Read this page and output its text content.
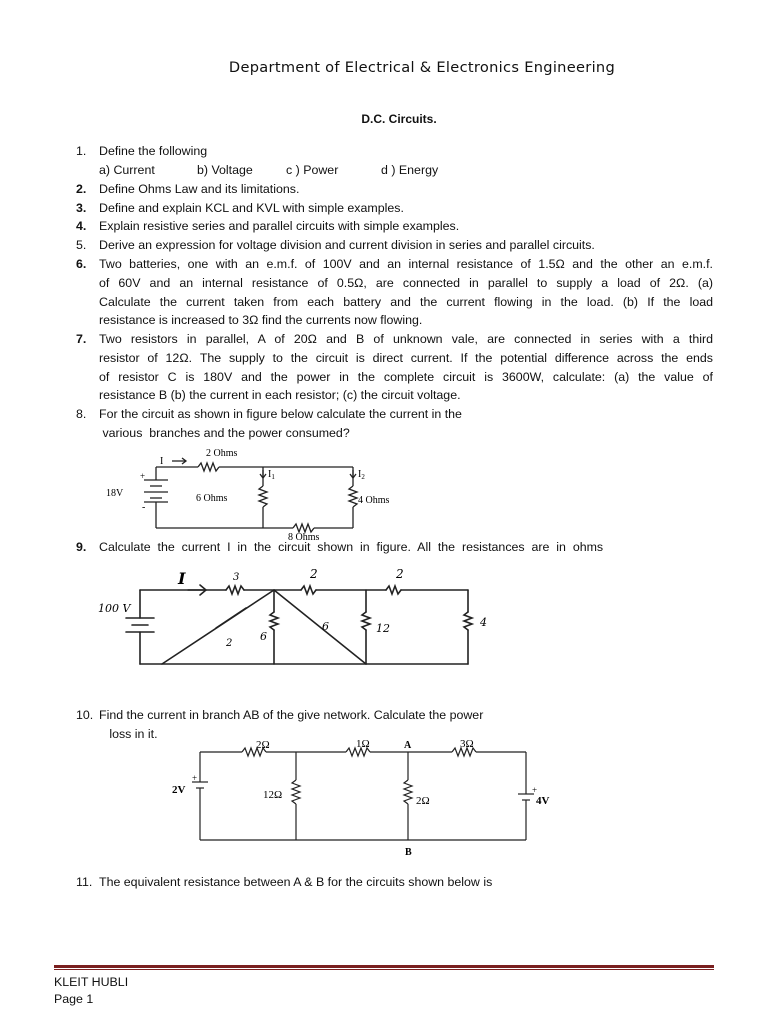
Department of Electrical & Electronics Engineering
D.C. Circuits.
1. Define the following
a) Current	b) Voltage	c ) Power	d ) Energy
2. Define Ohms Law and its limitations.
3. Define and explain KCL and KVL with simple examples.
4. Explain resistive series and parallel circuits with simple examples.
5. Derive an expression for voltage division and current division in series and parallel circuits.
6. Two batteries, one with an e.m.f. of 100V and an internal resistance of 1.5Ω and the other an e.m.f.
of 60V and an internal resistance of 0.5Ω, are connected in parallel to supply a load of 2Ω. (a)
Calculate the current taken from each battery and the current flowing in the load. (b) If the load
resistance is increased to 3Ω find the currents now flowing.
7. Two resistors in parallel, A of 20Ω and B of unknown vale, are connected in series with a third
resistor of 12Ω. The supply to the circuit is direct current. If the potential difference across the ends
of resistor C is 180V and the power in the complete circuit is 3600W, calculate: (a) the value of
resistance B (b) the current in each resistor; (c) the circuit voltage.
8. For the circuit as shown in figure below calculate the current in the
various  branches and the power consumed?
18V
+
-
2 Ohms
I
6 Ohms	4 Ohms
8 Ohms
$I_1$	$I_2$
9. Calculate  the  current  I  in  the  circuit  shown  in  figure.  All  the  resistances  are  in  ohms
100 V
I	3	2	2
2
6
6	12	4
10. Find the current in branch AB of the give network. Calculate the power
loss in it.
2Ω	1Ω	A	3Ω
2V
+
12Ω	2Ω
+
4V
B
11. The equivalent resistance between A & B for the circuits shown below is
KLEIT HUBLI
Page 1
